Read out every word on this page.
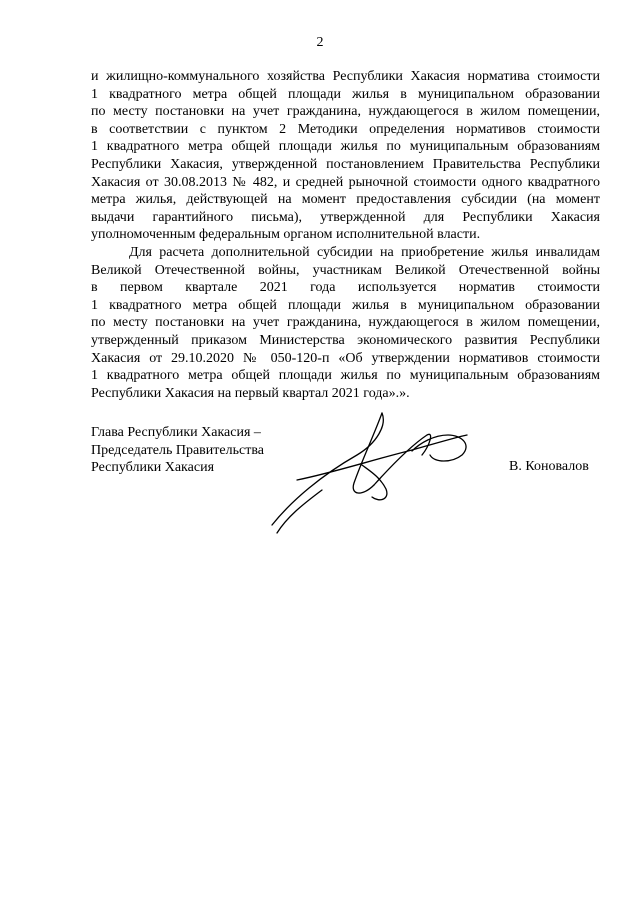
2

и жилищно-коммунального хозяйства Республики Хакасия норматива стоимости
1 квадратного метра общей площади жилья в муниципальном образовании
по месту постановки на учет гражданина, нуждающегося в жилом помещении,
в соответствии с пунктом 2 Методики определения нормативов стоимости
1 квадратного метра общей площади жилья по муниципальным образованиям
Республики Хакасия, утвержденной постановлением Правительства Республики
Хакасия от 30.08.2013 № 482, и средней рыночной стоимости одного квадратного
метра жилья, действующей на момент предоставления субсидии (на момент
выдачи гарантийного письма), утвержденной для Республики Хакасия
уполномоченным федеральным органом исполнительной власти.

Для расчета дополнительной субсидии на приобретение жилья инвалидам
Великой Отечественной войны, участникам Великой Отечественной войны
в первом квартале 2021 года используется норматив стоимости
1 квадратного метра общей площади жилья в муниципальном образовании
по месту постановки на учет гражданина, нуждающегося в жилом помещении,
утвержденный приказом Министерства экономического развития Республики
Хакасия от 29.10.2020 № 050-120-п «Об утверждении нормативов стоимости
1 квадратного метра общей площади жилья по муниципальным образованиям
Республики Хакасия на первый квартал 2021 года».».

Глава Республики Хакасия –
Председатель Правительства
Республики Хакасия	В. Коновалов
